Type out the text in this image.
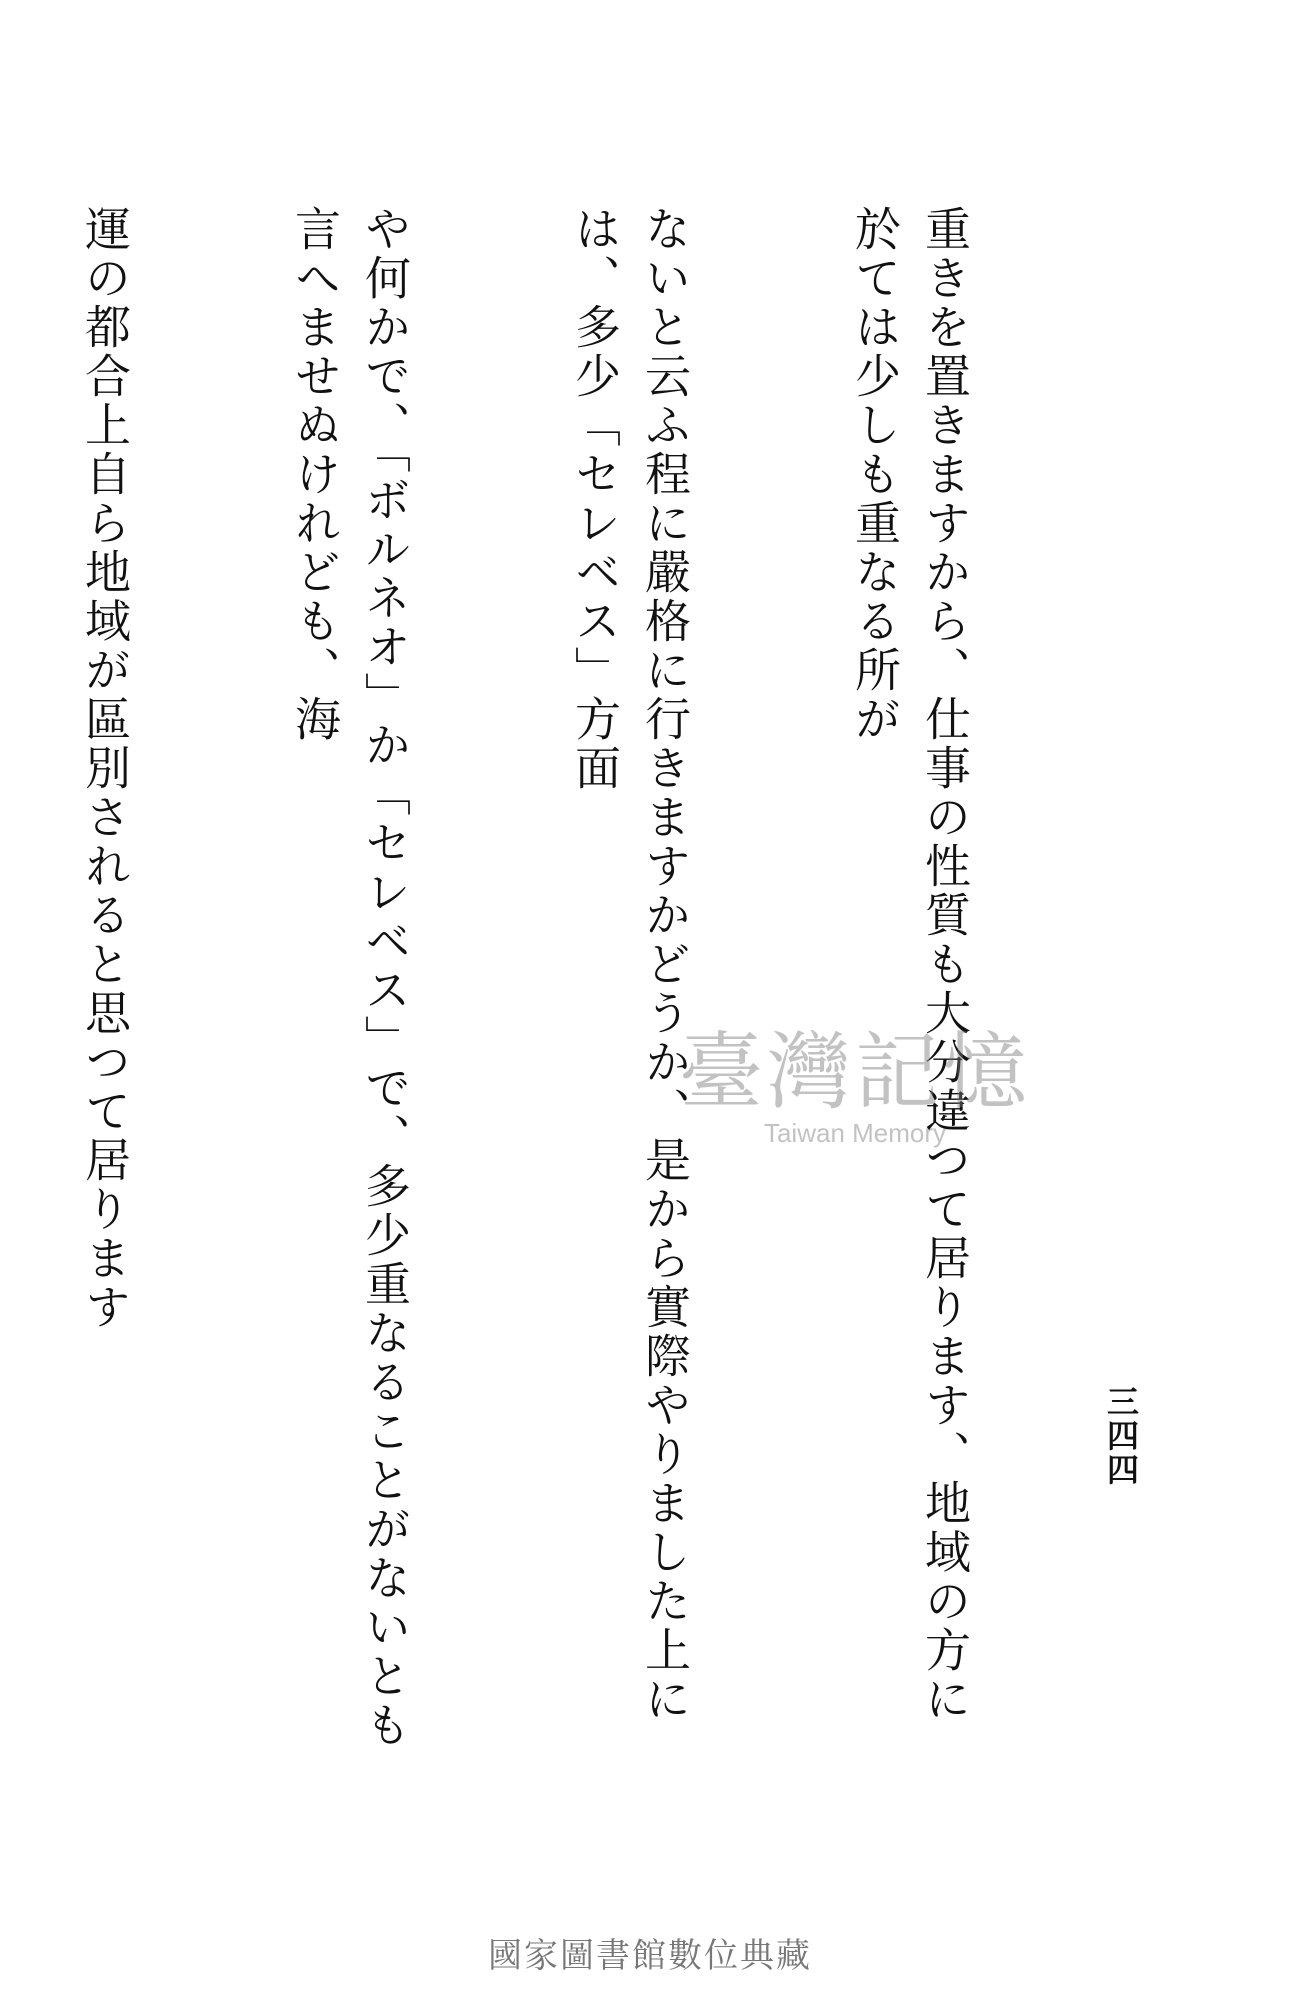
三四四

重きを置きますから、仕事の性質も大分違つて居ります、地域の方に於ては少しも重なる所が

ないと云ふ程に嚴格に行きますかどうか、是から實際やりました上には、多少「セレベス」方面

や何かで、「ボルネオ」か「セレベス」で、多少重なることがないとも言へませぬけれども、海

運の都合上自ら地域が區別されると思つて居ります

	臺灣記憶
Taiwan Memory
國家圖書館數位典藏
